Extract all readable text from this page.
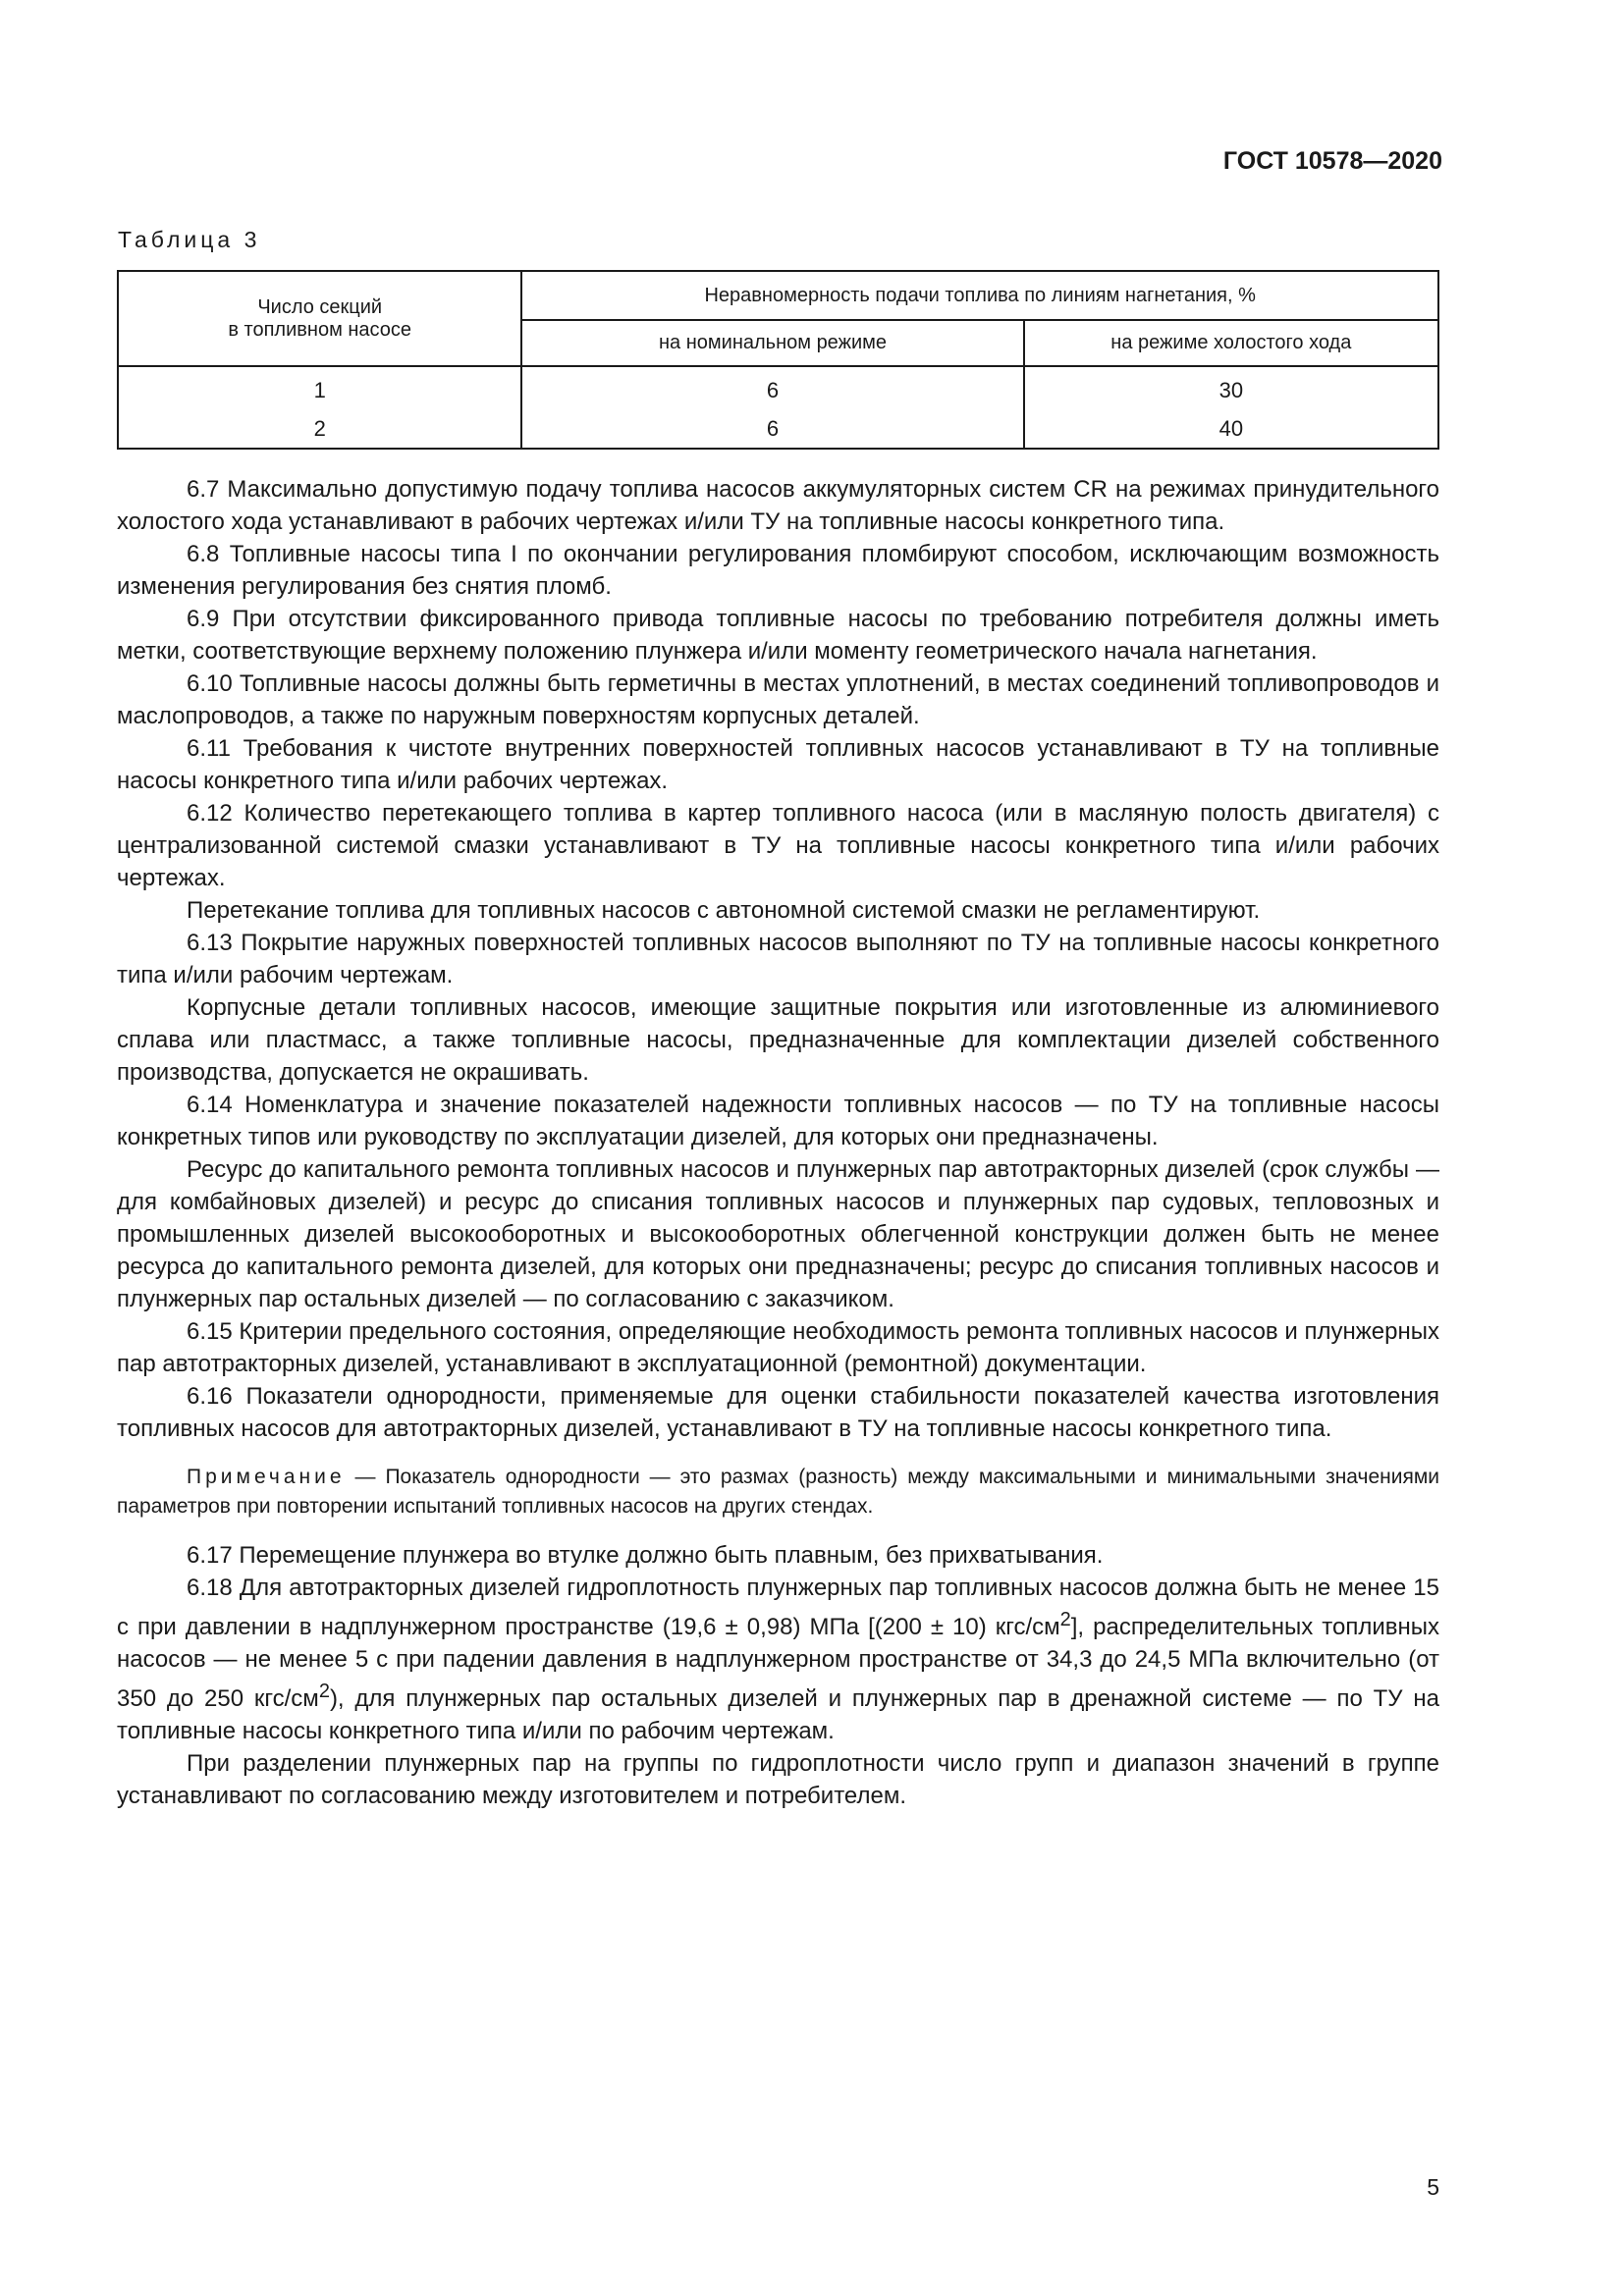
ГОСТ 10578—2020
Таблица 3
Число секций
в топливном насосе	Неравномерность подачи топлива по линиям нагнетания, %	
	на номинальном режиме	на режиме холостого хода
1	6	30
2	6	40

6.7 Максимально допустимую подачу топлива насосов аккумуляторных систем CR на режимах принудительного холостого хода устанавливают в рабочих чертежах и/или ТУ на топливные насосы конкретного типа.

6.8 Топливные насосы типа I по окончании регулирования пломбируют способом, исключающим возможность изменения регулирования без снятия пломб.

6.9 При отсутствии фиксированного привода топливные насосы по требованию потребителя должны иметь метки, соответствующие верхнему положению плунжера и/или моменту геометрического начала нагнетания.

6.10 Топливные насосы должны быть герметичны в местах уплотнений, в местах соединений топливопроводов и маслопроводов, а также по наружным поверхностям корпусных деталей.

6.11 Требования к чистоте внутренних поверхностей топливных насосов устанавливают в ТУ на топливные насосы конкретного типа и/или рабочих чертежах.

6.12 Количество перетекающего топлива в картер топливного насоса (или в масляную полость двигателя) с централизованной системой смазки устанавливают в ТУ на топливные насосы конкретного типа и/или рабочих чертежах.

Перетекание топлива для топливных насосов с автономной системой смазки не регламентируют.

6.13 Покрытие наружных поверхностей топливных насосов выполняют по ТУ на топливные насосы конкретного типа и/или рабочим чертежам.

Корпусные детали топливных насосов, имеющие защитные покрытия или изготовленные из алюминиевого сплава или пластмасс, а также топливные насосы, предназначенные для комплектации дизелей собственного производства, допускается не окрашивать.

6.14 Номенклатура и значение показателей надежности топливных насосов — по ТУ на топливные насосы конкретных типов или руководству по эксплуатации дизелей, для которых они предназначены.

Ресурс до капитального ремонта топливных насосов и плунжерных пар автотракторных дизелей (срок службы — для комбайновых дизелей) и ресурс до списания топливных насосов и плунжерных пар судовых, тепловозных и промышленных дизелей высокооборотных и высокооборотных облегченной конструкции должен быть не менее ресурса до капитального ремонта дизелей, для которых они предназначены; ресурс до списания топливных насосов и плунжерных пар остальных дизелей — по согласованию с заказчиком.

6.15 Критерии предельного состояния, определяющие необходимость ремонта топливных насосов и плунжерных пар автотракторных дизелей, устанавливают в эксплуатационной (ремонтной) документации.

6.16 Показатели однородности, применяемые для оценки стабильности показателей качества изготовления топливных насосов для автотракторных дизелей, устанавливают в ТУ на топливные насосы конкретного типа.

Примечание — Показатель однородности — это размах (разность) между максимальными и минимальными значениями параметров при повторении испытаний топливных насосов на других стендах.

6.17 Перемещение плунжера во втулке должно быть плавным, без прихватывания.

6.18 Для автотракторных дизелей гидроплотность плунжерных пар топливных насосов должна быть не менее 15 с при давлении в надплунжерном пространстве (19,6 ± 0,98) МПа [(200 ± 10) кгс/$см^2$], распределительных топливных насосов — не менее 5 с при падении давления в надплунжерном пространстве от 34,3 до 24,5 МПа включительно (от 350 до 250 кгс/$см^2$), для плунжерных пар остальных дизелей и плунжерных пар в дренажной системе — по ТУ на топливные насосы конкретного типа и/или по рабочим чертежам.

При разделении плунжерных пар на группы по гидроплотности число групп и диапазон значений в группе устанавливают по согласованию между изготовителем и потребителем.

5
